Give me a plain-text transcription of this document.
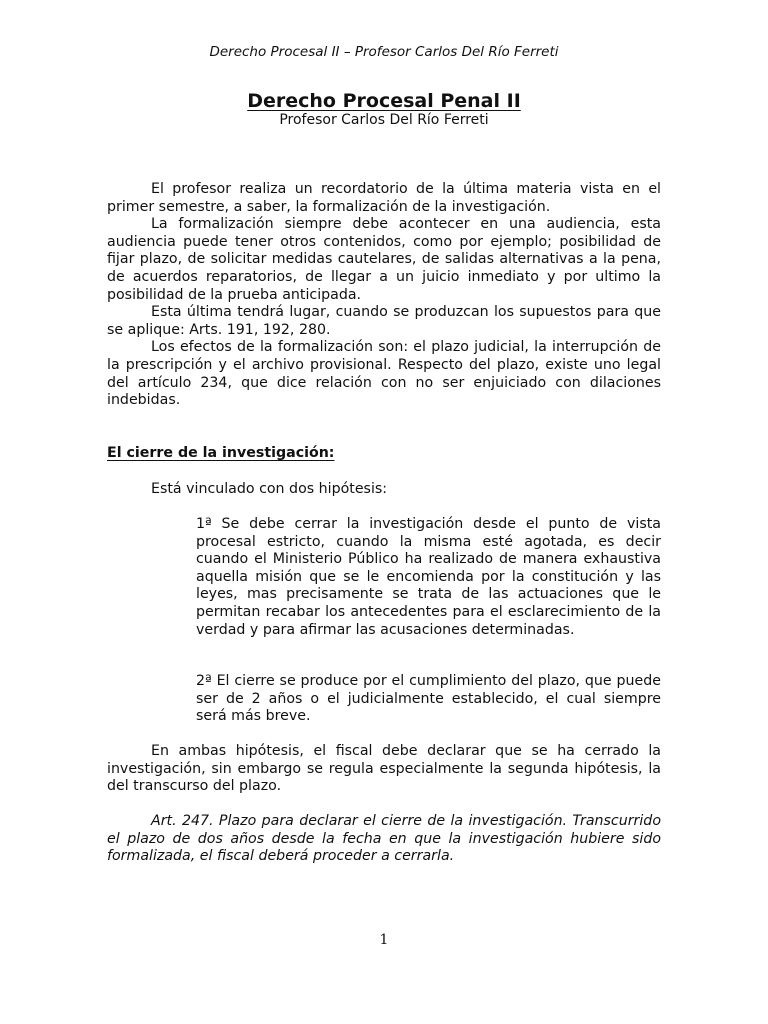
Derecho Procesal II – Profesor Carlos Del Río Ferreti
Derecho Procesal Penal II
Profesor Carlos Del Río Ferreti

El profesor realiza un recordatorio de la última materia vista en el primer semestre, a saber, la formalización de la investigación.

La formalización siempre debe acontecer en una audiencia, esta audiencia puede tener otros contenidos, como por ejemplo; posibilidad de fijar plazo, de solicitar medidas cautelares, de salidas alternativas a la pena, de acuerdos reparatorios, de llegar a un juicio inmediato y por ultimo la posibilidad de la prueba anticipada.

Esta última tendrá lugar, cuando se produzcan los supuestos para que se aplique: Arts. 191, 192, 280.

Los efectos de la formalización son: el plazo judicial, la interrupción de la prescripción y el archivo provisional. Respecto del plazo, existe uno legal del artículo 234, que dice relación con no ser enjuiciado con dilaciones indebidas.

El cierre de la investigación:
Está vinculado con dos hipótesis:
1ª Se debe cerrar la investigación desde el punto de vista procesal estricto, cuando la misma esté agotada, es decir cuando el Ministerio Público ha realizado de manera exhaustiva aquella misión que se le encomienda por la constitución y las leyes, mas precisamente se trata de las actuaciones que le permitan recabar los antecedentes para el esclarecimiento de la verdad y para afirmar las acusaciones determinadas.
2ª El cierre se produce por el cumplimiento del plazo, que puede ser de 2 años o el judicialmente establecido, el cual siempre será más breve.

En ambas hipótesis, el fiscal debe declarar que se ha cerrado la investigación, sin embargo se regula especialmente la segunda hipótesis, la del transcurso del plazo.

Art. 247. Plazo para declarar el cierre de la investigación. Transcurrido el plazo de dos años desde la fecha en que la investigación hubiere sido formalizada, el fiscal deberá proceder a cerrarla.

1
